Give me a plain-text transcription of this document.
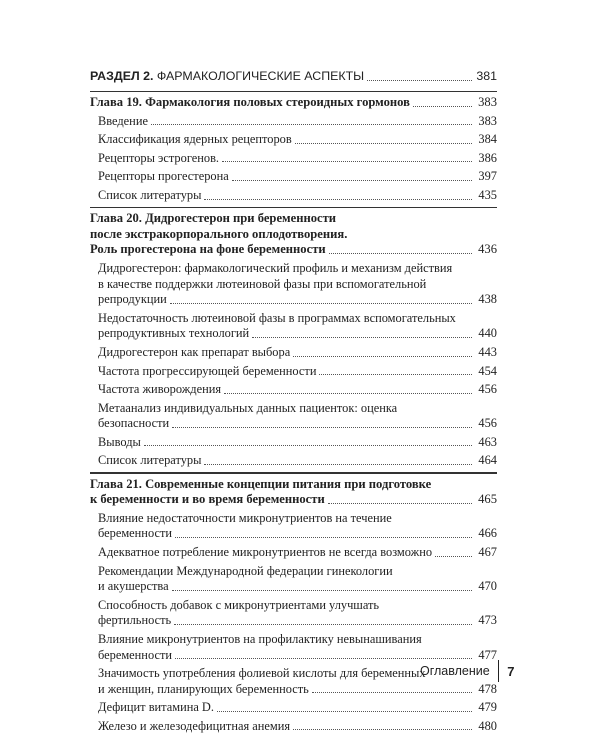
РАЗДЕЛ 2. ФАРМАКОЛОГИЧЕСКИЕ АСПЕКТЫ	381
Глава 19. Фармакология половых стероидных гормонов	383
Введение	383
Классификация ядерных рецепторов	384
Рецепторы эстрогенов.	386
Рецепторы прогестерона	397
Список литературы	435
Глава 20. Дидрогестерон при беременности
после экстракорпорального оплодотворения.
Роль прогестерона на фоне беременности	436
Дидрогестерон: фармакологический профиль и механизм действия
в качестве поддержки лютеиновой фазы при вспомогательной
репродукции	438
Недостаточность лютеиновой фазы в программах вспомогательных
репродуктивных технологий	440
Дидрогестерон как препарат выбора	443
Частота прогрессирующей беременности	454
Частота живорождения	456
Метаанализ индивидуальных данных пациенток: оценка
безопасности	456
Выводы	463
Список литературы	464
Глава 21. Современные концепции питания при подготовке
к беременности и во время беременности	465
Влияние недостаточности микронутриентов на течение
беременности	466
Адекватное потребление микронутриентов не всегда возможно	467
Рекомендации Международной федерации гинекологии
и акушерства	470
Способность добавок с микронутриентами улучшать
фертильность	473
Влияние микронутриентов на профилактику невынашивания
беременности	477
Значимость употребления фолиевой кислоты для беременных
и женщин, планирующих беременность	478
Дефицит витамина D.	479
Железо и железодефицитная анемия	480
Оглавление 7
